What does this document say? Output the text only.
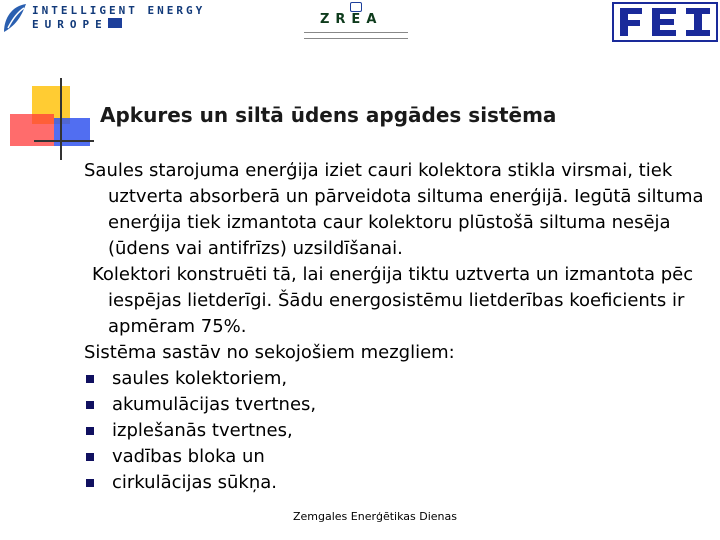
INTELLIGENT ENERGY
EUROPE	ZREA
Apkures un siltā ūdens apgādes sistēma

Saules starojuma enerģija iziet cauri kolektora stikla virsmai, tiek uztverta absorberā un pārveidota siltuma enerģijā. Iegūtā siltuma enerģija tiek izmantota caur kolektoru plūstošā siltuma nesēja (ūdens vai antifrīzs) uzsildīšanai.

Kolektori konstruēti tā, lai enerģija tiktu uztverta un izmantota pēc iespējas lietderīgi. Šādu energosistēmu lietderības koeficients ir apmēram 75%.

Sistēma sastāv no sekojošiem mezgliem:

saules kolektoriem,
akumulācijas tvertnes,
izplešanās tvertnes,
vadības bloka un
cirkulācijas sūkņa.
Zemgales Enerģētikas Dienas
